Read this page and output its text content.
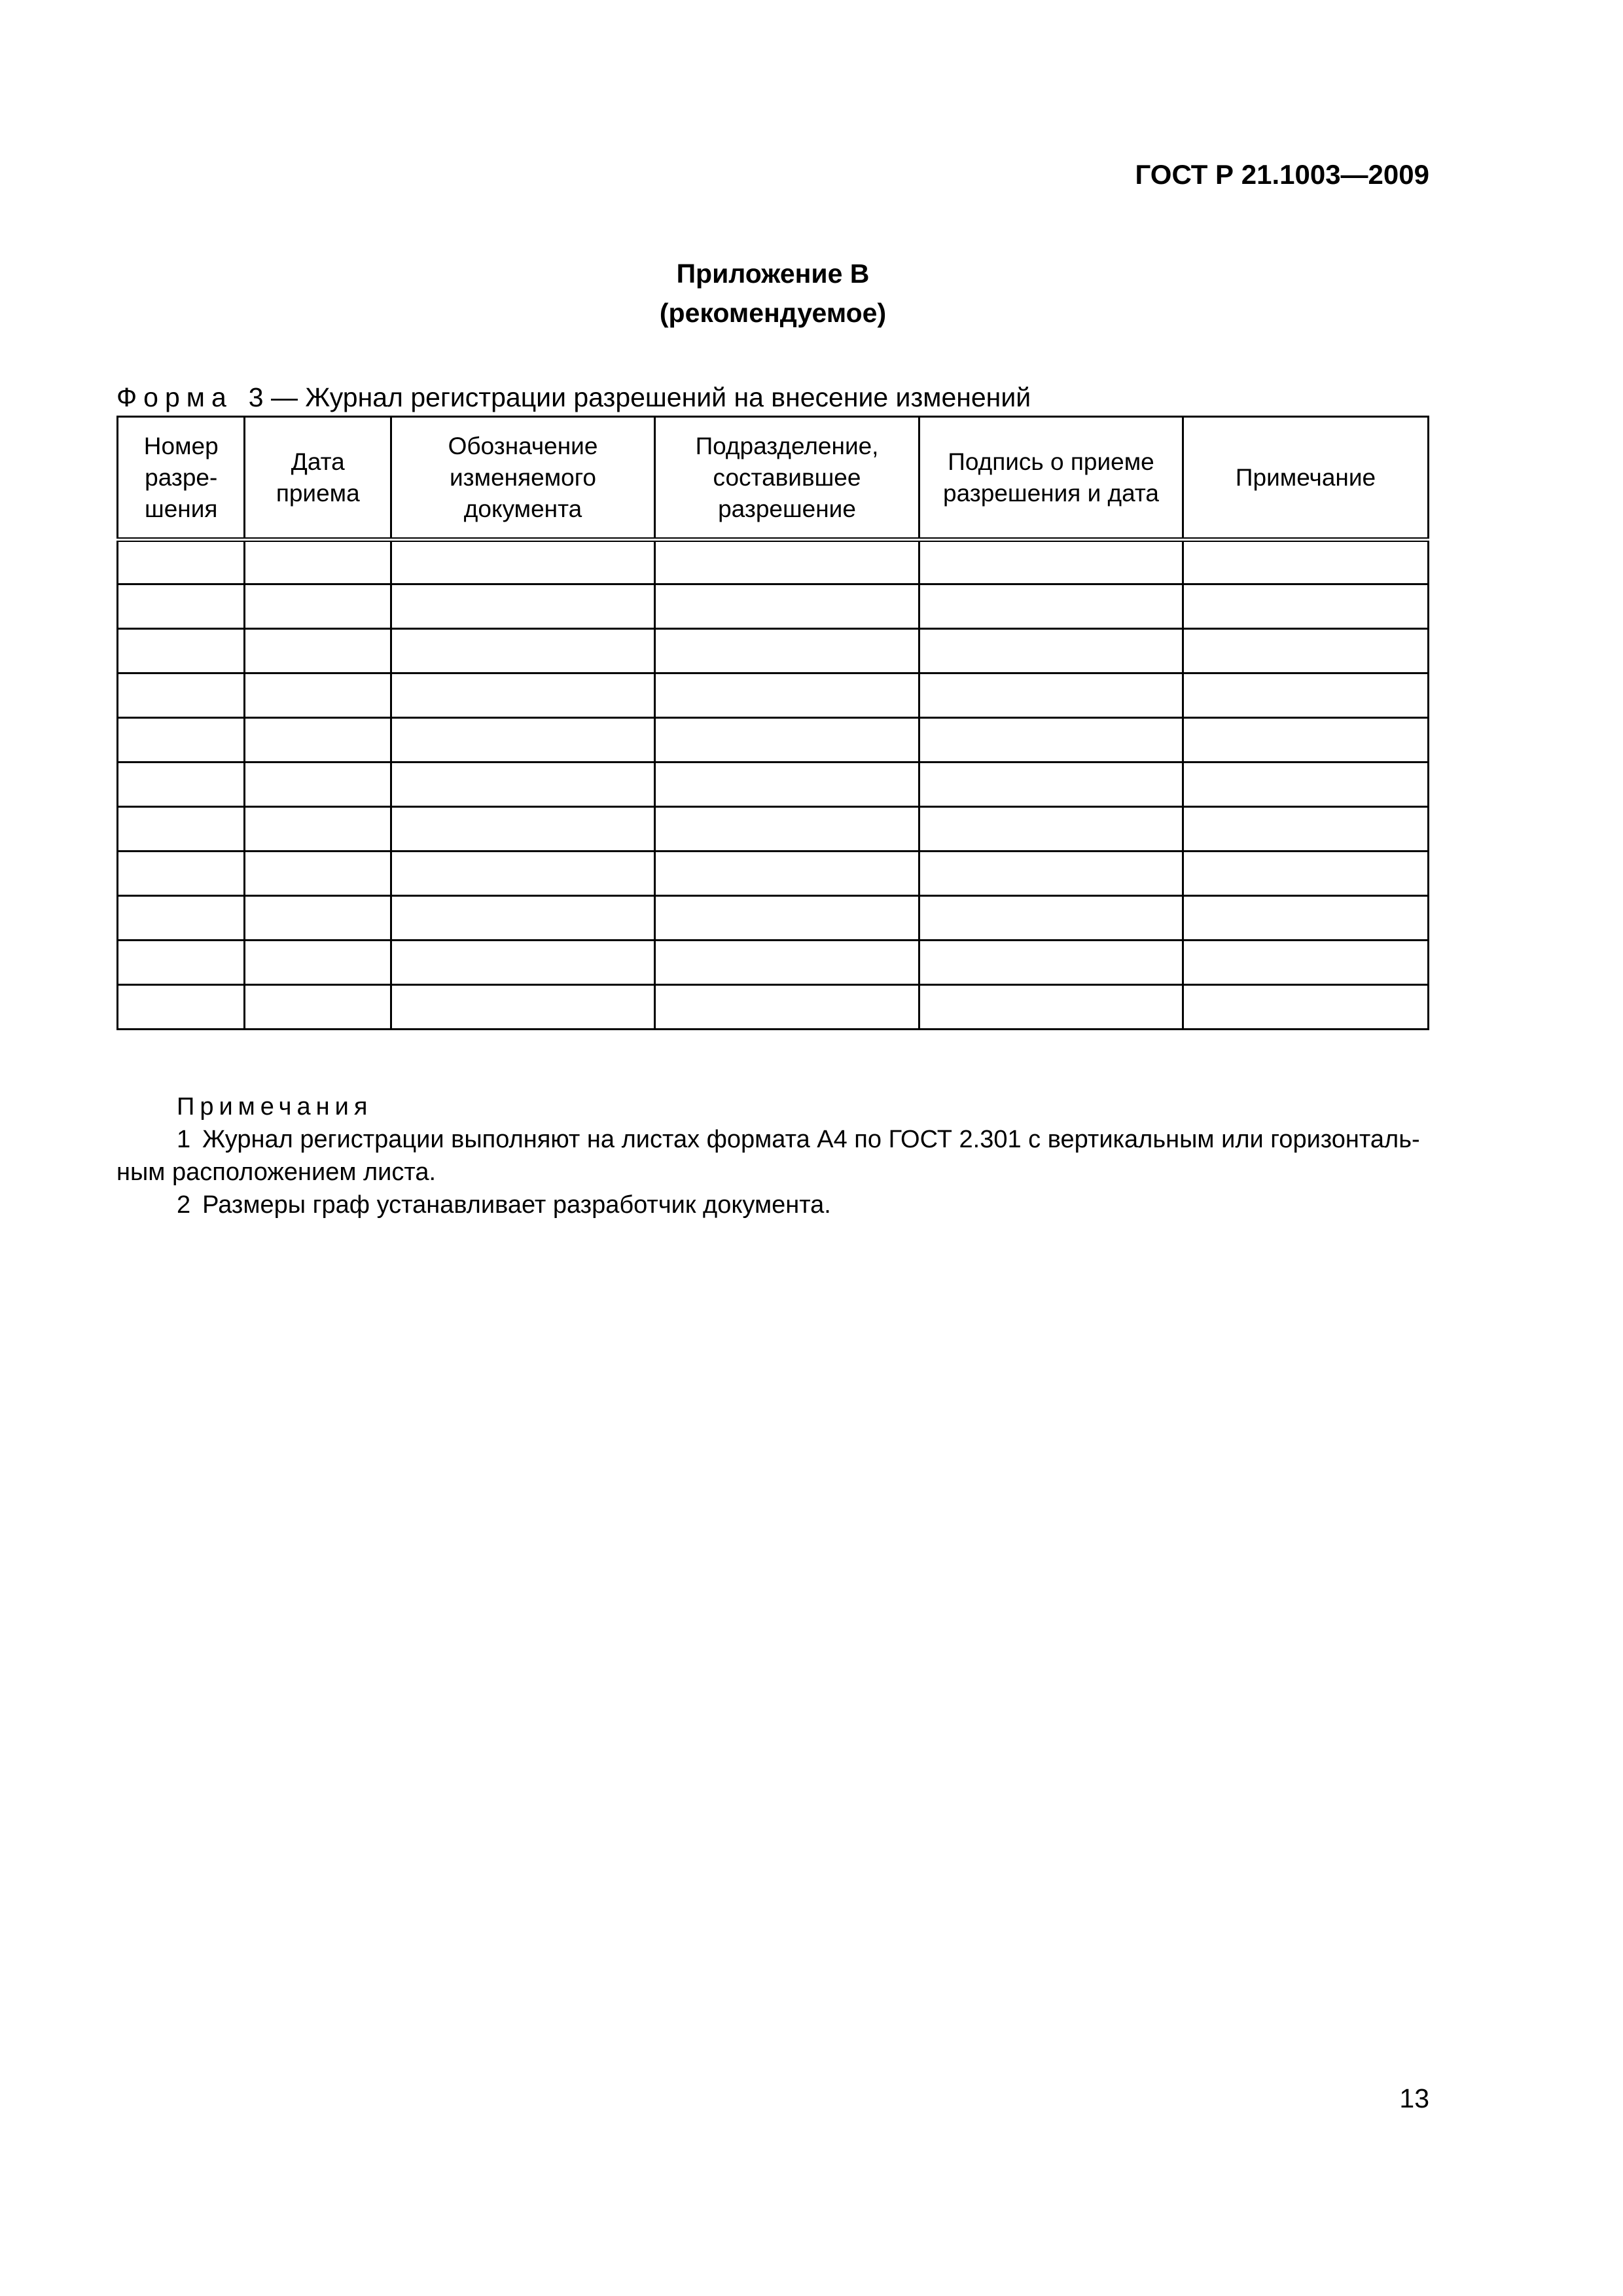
ГОСТ Р 21.1003—2009
Приложение В
(рекомендуемое)
Форма 3 — Журнал регистрации разрешений на внесение изменений
Номер
разре-
шения	Дата
приема	Обозначение
изменяемого
документа	Подразделение,
составившее
разрешение	Подпись о приеме
разрешения и дата	Примечание

Примечания
1 Журнал регистрации выполняют на листах формата А4 по ГОСТ 2.301 с вертикальным или горизонталь-
ным расположением листа.
2 Размеры граф устанавливает разработчик документа.
13
